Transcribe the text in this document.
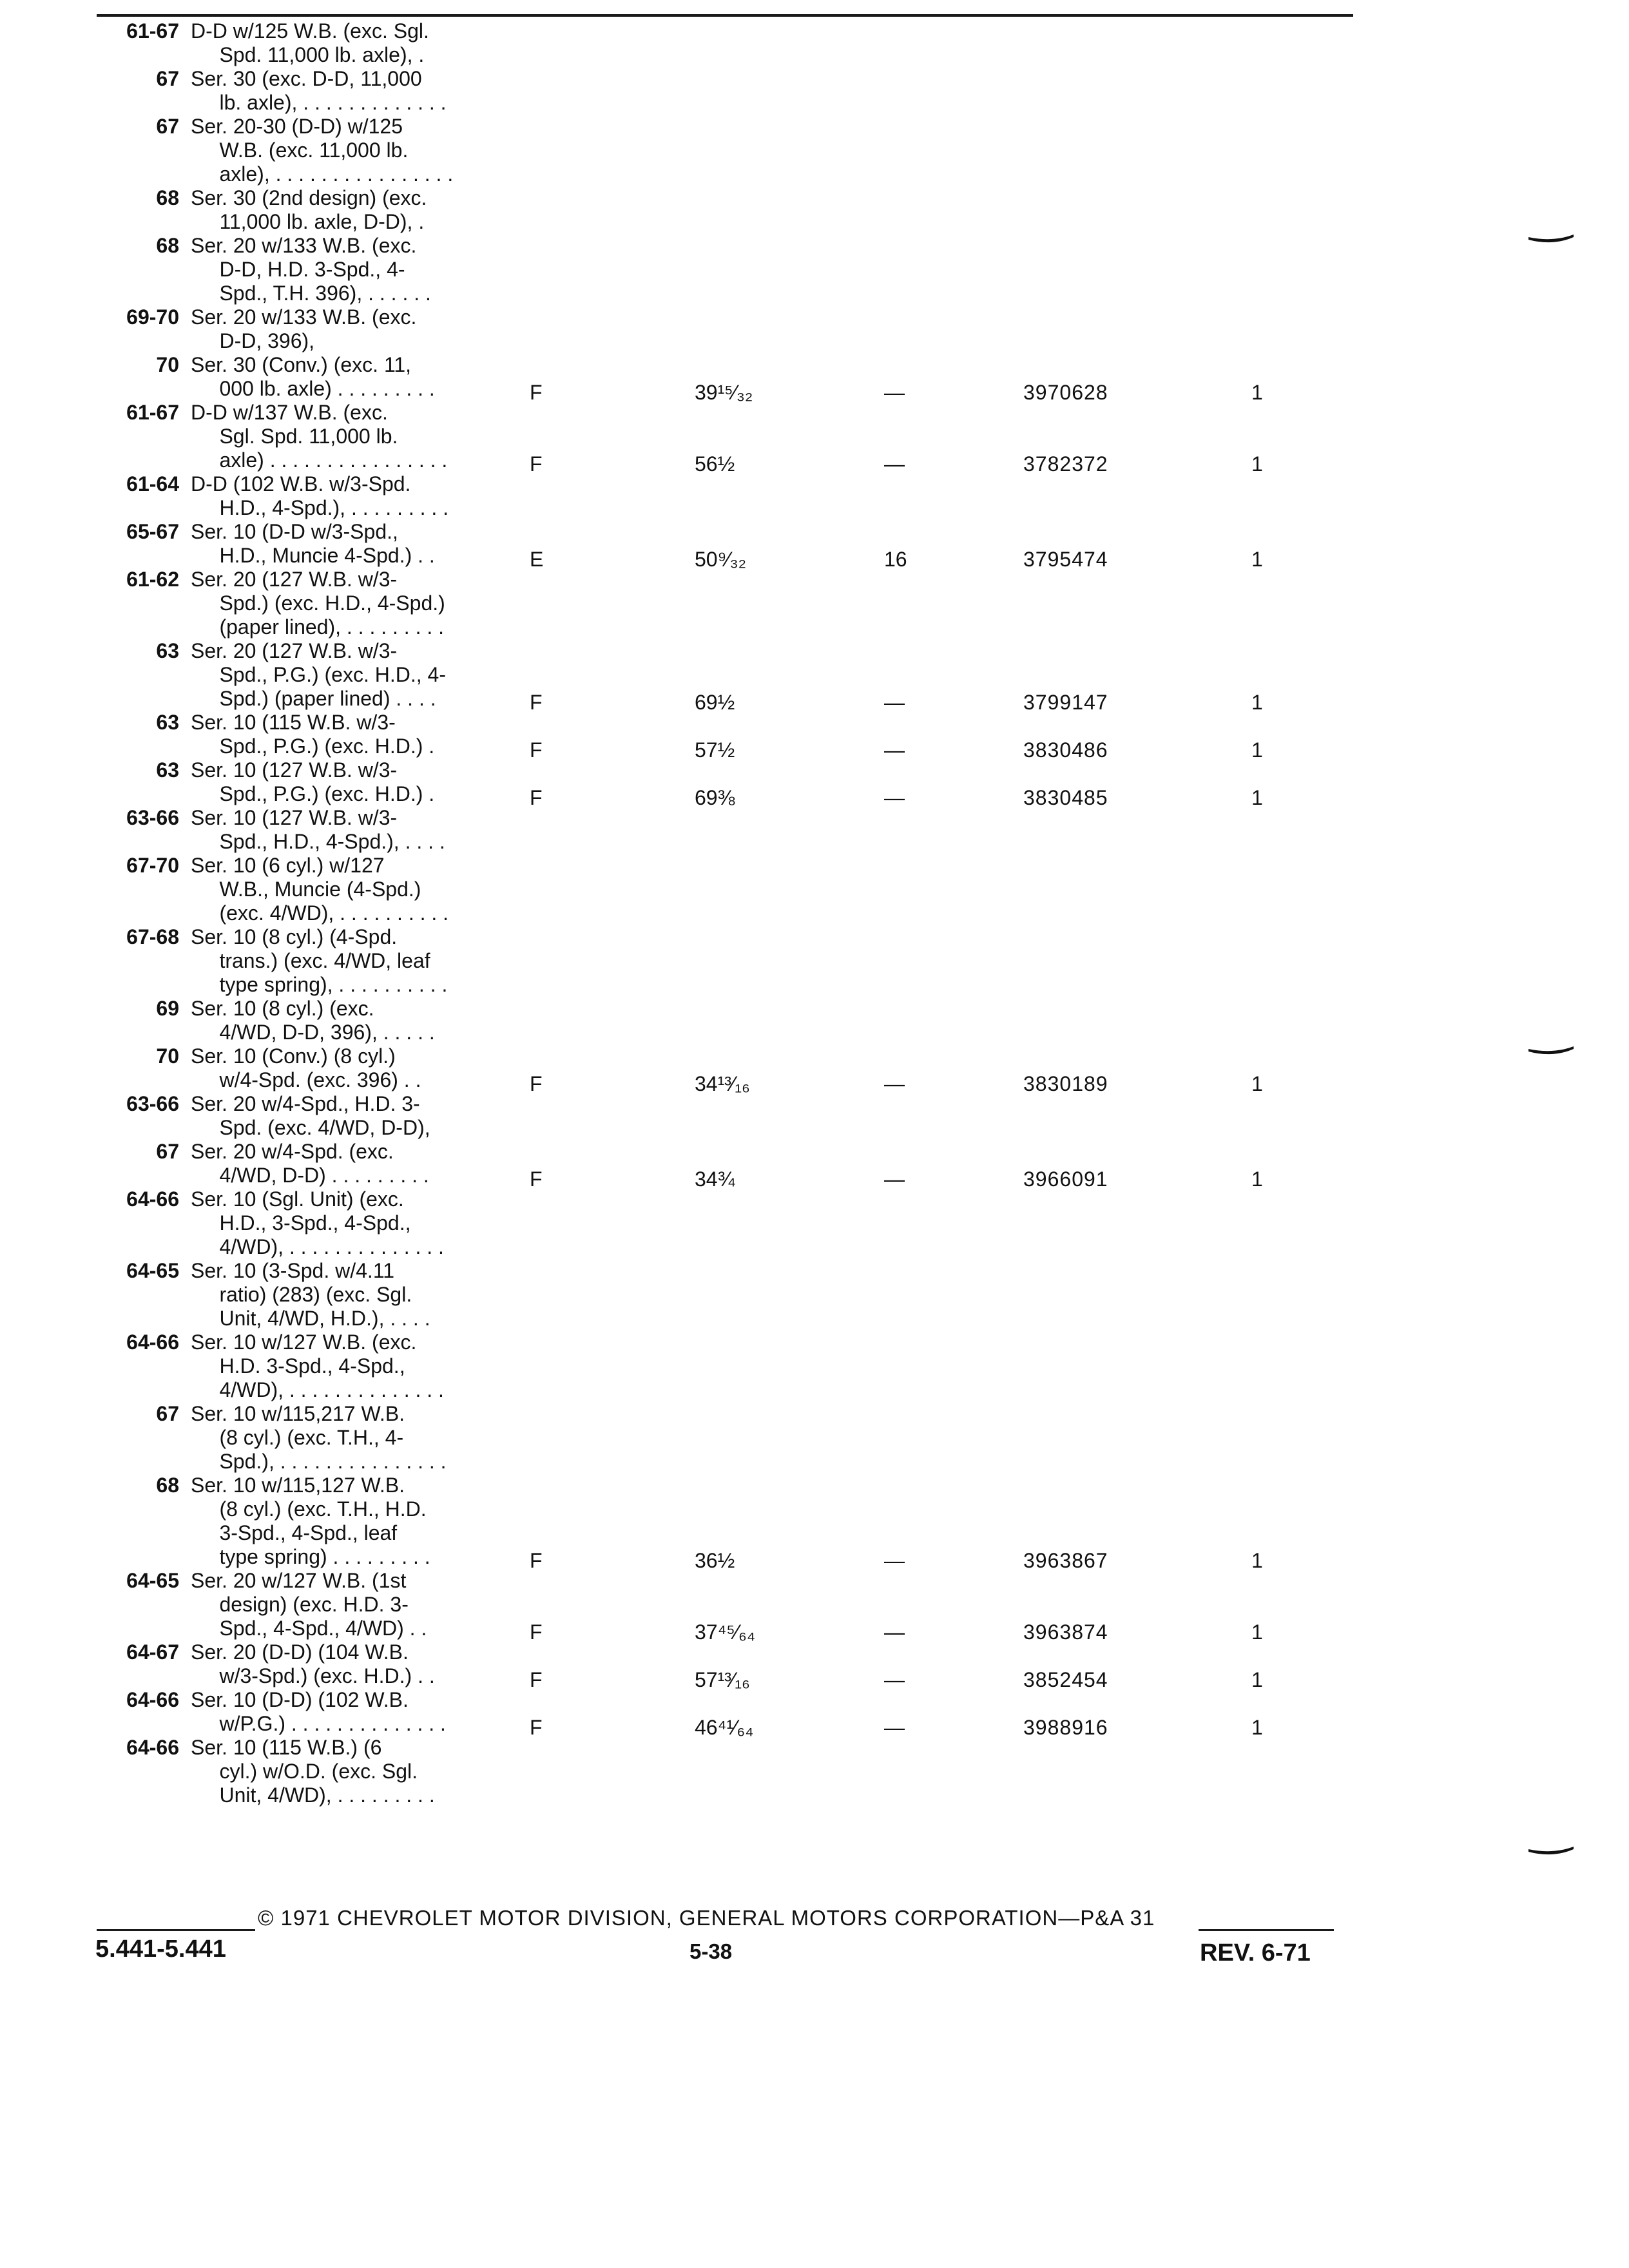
61-67 D-D w/125 W.B. (exc. Sgl.
Spd. 11,000 lb. axle), .
67 Ser. 30 (exc. D-D, 11,000
lb. axle), . . . . . . . . . . . . .
67 Ser. 20-30 (D-D) w/125
W.B. (exc. 11,000 lb.
axle), . . . . . . . . . . . . . . . .
68 Ser. 30 (2nd design) (exc.
11,000 lb. axle, D-D), .
68 Ser. 20 w/133 W.B. (exc.
D-D, H.D. 3-Spd., 4-
Spd., T.H. 396), . . . . . .
69-70 Ser. 20 w/133 W.B. (exc.
D-D, 396),
70 Ser. 30 (Conv.) (exc. 11,
000 lb. axle) . . . . . . . . .	F	39¹⁵⁄₃₂	—	3970628	1
61-67 D-D w/137 W.B. (exc.
Sgl. Spd. 11,000 lb.
axle) . . . . . . . . . . . . . . . .	F	56½	—	3782372	1
61-64 D-D (102 W.B. w/3-Spd.
H.D., 4-Spd.), . . . . . . . . .
65-67 Ser. 10 (D-D w/3-Spd.,
H.D., Muncie 4-Spd.) . .	E	50⁹⁄₃₂	16	3795474	1
61-62 Ser. 20 (127 W.B. w/3-
Spd.) (exc. H.D., 4-Spd.)
(paper lined), . . . . . . . . .
63 Ser. 20 (127 W.B. w/3-
Spd., P.G.) (exc. H.D., 4-
Spd.) (paper lined) . . . .	F	69½	—	3799147	1
63 Ser. 10 (115 W.B. w/3-
Spd., P.G.) (exc. H.D.) .	F	57½	—	3830486	1
63 Ser. 10 (127 W.B. w/3-
Spd., P.G.) (exc. H.D.) .	F	69⅜	—	3830485	1
63-66 Ser. 10 (127 W.B. w/3-
Spd., H.D., 4-Spd.), . . . .
67-70 Ser. 10 (6 cyl.) w/127
W.B., Muncie (4-Spd.)
(exc. 4/WD), . . . . . . . . . .
67-68 Ser. 10 (8 cyl.) (4-Spd.
trans.) (exc. 4/WD, leaf
type spring), . . . . . . . . . .
69 Ser. 10 (8 cyl.) (exc.
4/WD, D-D, 396), . . . . .
70 Ser. 10 (Conv.) (8 cyl.)
w/4-Spd. (exc. 396) . .	F	34¹³⁄₁₆	—	3830189	1
63-66 Ser. 20 w/4-Spd., H.D. 3-
Spd. (exc. 4/WD, D-D),
67 Ser. 20 w/4-Spd. (exc.
4/WD, D-D) . . . . . . . . .	F	34¾	—	3966091	1
64-66 Ser. 10 (Sgl. Unit) (exc.
H.D., 3-Spd., 4-Spd.,
4/WD), . . . . . . . . . . . . . .
64-65 Ser. 10 (3-Spd. w/4.11
ratio) (283) (exc. Sgl.
Unit, 4/WD, H.D.), . . . .
64-66 Ser. 10 w/127 W.B. (exc.
H.D. 3-Spd., 4-Spd.,
4/WD), . . . . . . . . . . . . . .
67 Ser. 10 w/115,217 W.B.
(8 cyl.) (exc. T.H., 4-
Spd.), . . . . . . . . . . . . . . .
68 Ser. 10 w/115,127 W.B.
(8 cyl.) (exc. T.H., H.D.
3-Spd., 4-Spd., leaf
type spring) . . . . . . . . .	F	36½	—	3963867	1
64-65 Ser. 20 w/127 W.B. (1st
design) (exc. H.D. 3-
Spd., 4-Spd., 4/WD) . .	F	37⁴⁵⁄₆₄	—	3963874	1
64-67 Ser. 20 (D-D) (104 W.B.
w/3-Spd.) (exc. H.D.) . .	F	57¹³⁄₁₆	—	3852454	1
64-66 Ser. 10 (D-D) (102 W.B.
w/P.G.) . . . . . . . . . . . . . .	F	46⁴¹⁄₆₄	—	3988916	1
64-66 Ser. 10 (115 W.B.) (6
cyl.) w/O.D. (exc. Sgl.
Unit, 4/WD), . . . . . . . . .
© 1971 CHEVROLET MOTOR DIVISION, GENERAL MOTORS CORPORATION—P&A 31
5.441-5.441	5-38	REV. 6-71
